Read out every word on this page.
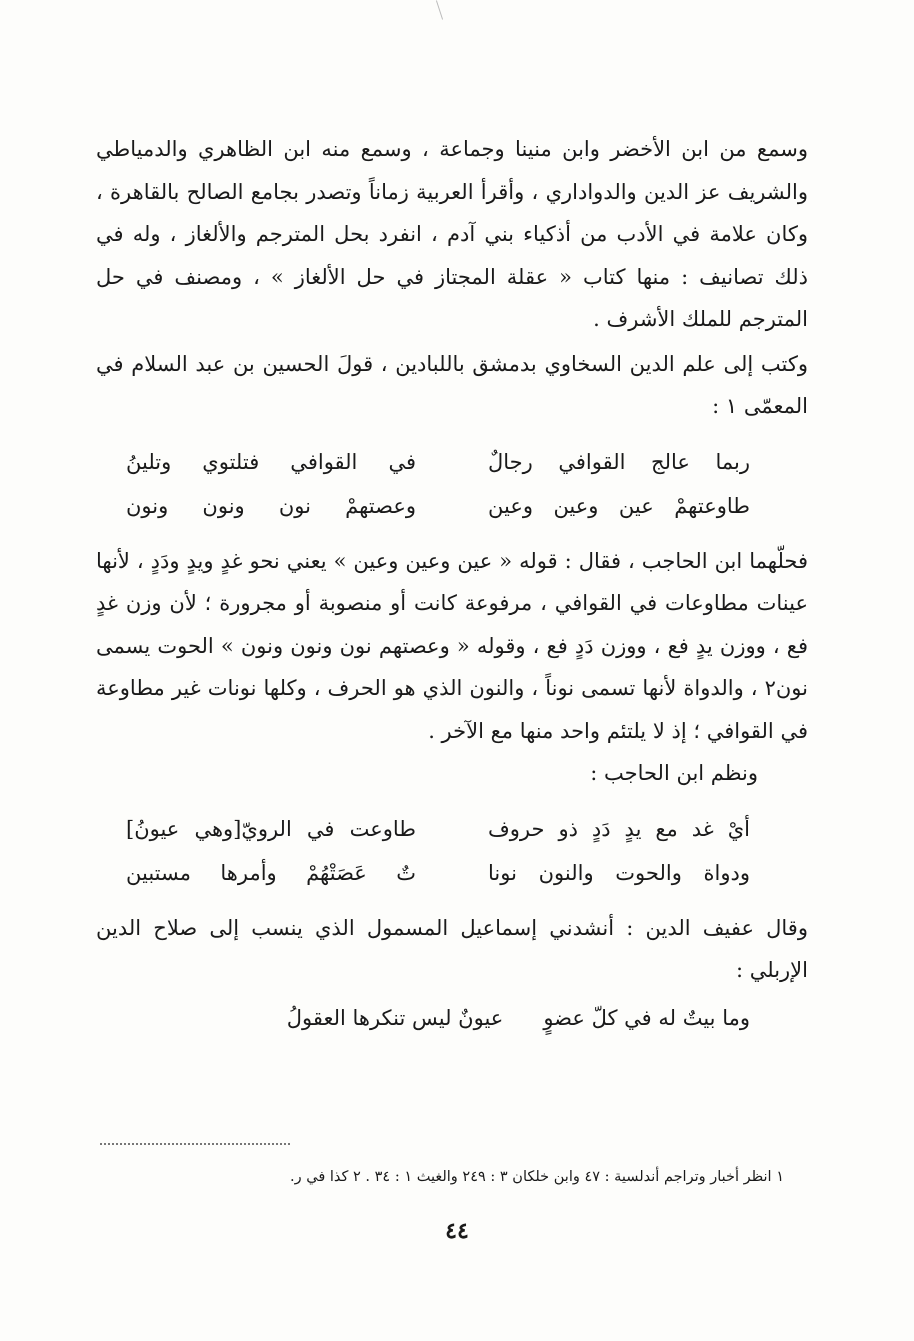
وسمع من ابن الأخضر وابن منينا وجماعة ، وسمع منه ابن الظاهري والدمياطي والشريف عز الدين والدواداري ، وأقرأ العربية زماناً وتصدر بجامع الصالح بالقاهرة ، وكان علامة في الأدب من أذكياء بني آدم ، انفرد بحل المترجم والألغاز ، وله في ذلك تصانيف : منها كتاب « عقلة المجتاز في حل الألغاز » ، ومصنف في حل المترجم للملك الأشرف .

وكتب إلى علم الدين السخاوي بدمشق باللبادين ، قولَ الحسين بن عبد السلام في المعمّى ١ :

ربما عالج القوافي رجالٌ
في القوافي فتلتوي وتلينُ
طاوعتهمْ عين وعين وعين
وعصتهمْ نون ونون ونون

فحلّهما ابن الحاجب ، فقال : قوله « عين وعين وعين » يعني نحو غدٍ ويدٍ ودَدٍ ، لأنها عينات مطاوعات في القوافي ، مرفوعة كانت أو منصوبة أو مجرورة ؛ لأن وزن غدٍ فع ، ووزن يدٍ فع ، ووزن دَدٍ فع ، وقوله « وعصتهم نون ونون ونون » الحوت يسمى نون٢ ، والدواة لأنها تسمى نوناً ، والنون الذي هو الحرف ، وكلها نونات غير مطاوعة في القوافي ؛ إذ لا يلتئم واحد منها مع الآخر .

ونظم ابن الحاجب :

أيْ غد مع يدٍ دَدٍ ذو حروف
طاوعت في الرويّ[وهي عيونُ]
ودواة والحوت والنون نونا
تٌ عَصَتْهُمْ وأمرها مستبين

وقال عفيف الدين : أنشدني إسماعيل المسمول الذي ينسب إلى صلاح الدين الإربلي :

وما بيتٌ له في كلّ عضوٍ
عيونٌ ليس تنكرها العقولُ
١ انظر أخبار وتراجم أندلسية : ٤٧ وابن خلكان ٣ : ٢٤٩ والغيث ١ : ٣٤ . ٢ كذا في ر.
٤٤
